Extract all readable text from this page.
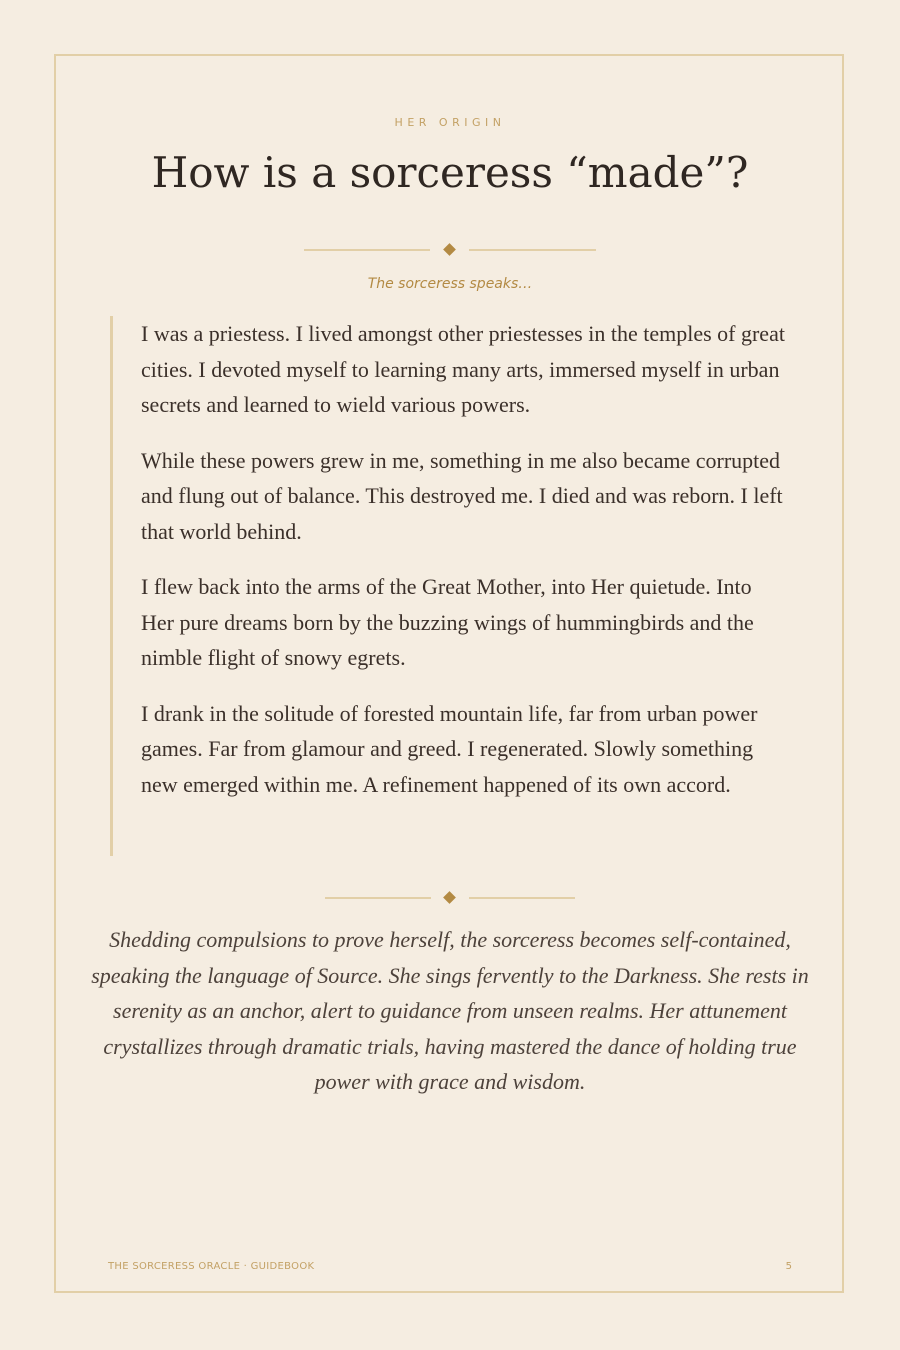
HER ORIGIN
How is a sorceress “made”?
The sorceress speaks…

I was a priestess. I lived amongst other priestesses in the temples of great cities. I devoted myself to learning many arts, immersed myself in urban secrets and learned to wield various powers.

While these powers grew in me, something in me also became corrupted and flung out of balance. This destroyed me. I died and was reborn. I left that world behind.

I flew back into the arms of the Great Mother, into Her quietude. Into Her pure dreams born by the buzzing wings of hummingbirds and the nimble flight of snowy egrets.

I drank in the solitude of forested mountain life, far from urban power games. Far from glamour and greed. I regenerated. Slowly something new emerged within me. A refinement happened of its own accord.

Shedding compulsions to prove herself, the sorceress becomes self-contained, speaking the language of Source. She sings fervently to the Darkness. She rests in serenity as an anchor, alert to guidance from unseen realms. Her attunement crystallizes through dramatic trials, having mastered the dance of holding true power with grace and wisdom.

THE SORCERESS ORACLE · GUIDEBOOK	5
